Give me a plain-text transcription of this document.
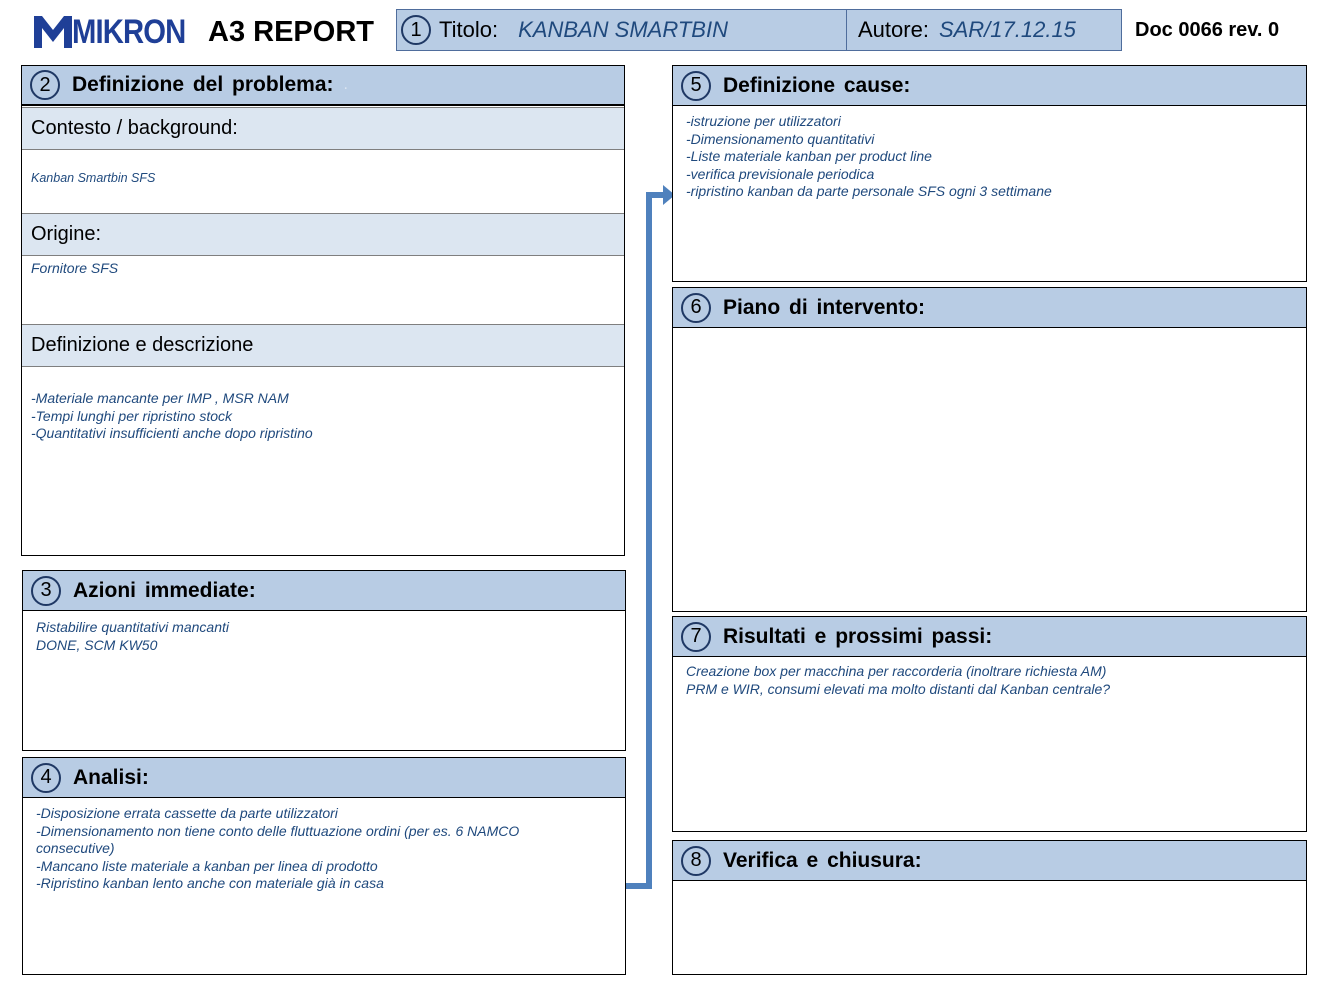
MIKRON A3 REPORT	1 Titolo: KANBAN SMARTBIN	Autore: SAR/17.12.15	Doc 0066 rev. 0
2	Definizione del problema: .
Contesto / background:
Kanban Smartbin SFS
Origine:
Fornitore SFS
Definizione e descrizione
-Materiale mancante per IMP , MSR NAM
-Tempi lunghi per ripristino stock
-Quantitativi insufficienti anche dopo ripristino
3	Azioni immediate:
Ristabilire quantitativi mancanti
DONE, SCM KW50
4	Analisi:
-Disposizione errata cassette da parte utilizzatori
-Dimensionamento non tiene conto delle fluttuazione ordini (per es. 6 NAMCO
consecutive)
-Mancano liste materiale a kanban per linea di prodotto
-Ripristino kanban lento anche con materiale già in casa
5	Definizione cause:
-istruzione per utilizzatori
-Dimensionamento quantitativi
-Liste materiale kanban per product line
-verifica previsionale periodica
-ripristino kanban da parte personale SFS ogni 3 settimane
6	Piano di intervento:
7	Risultati e prossimi passi:
Creazione box per macchina per raccorderia (inoltrare richiesta AM)
PRM e WIR, consumi elevati ma molto distanti dal Kanban centrale?
8	Verifica e chiusura:
